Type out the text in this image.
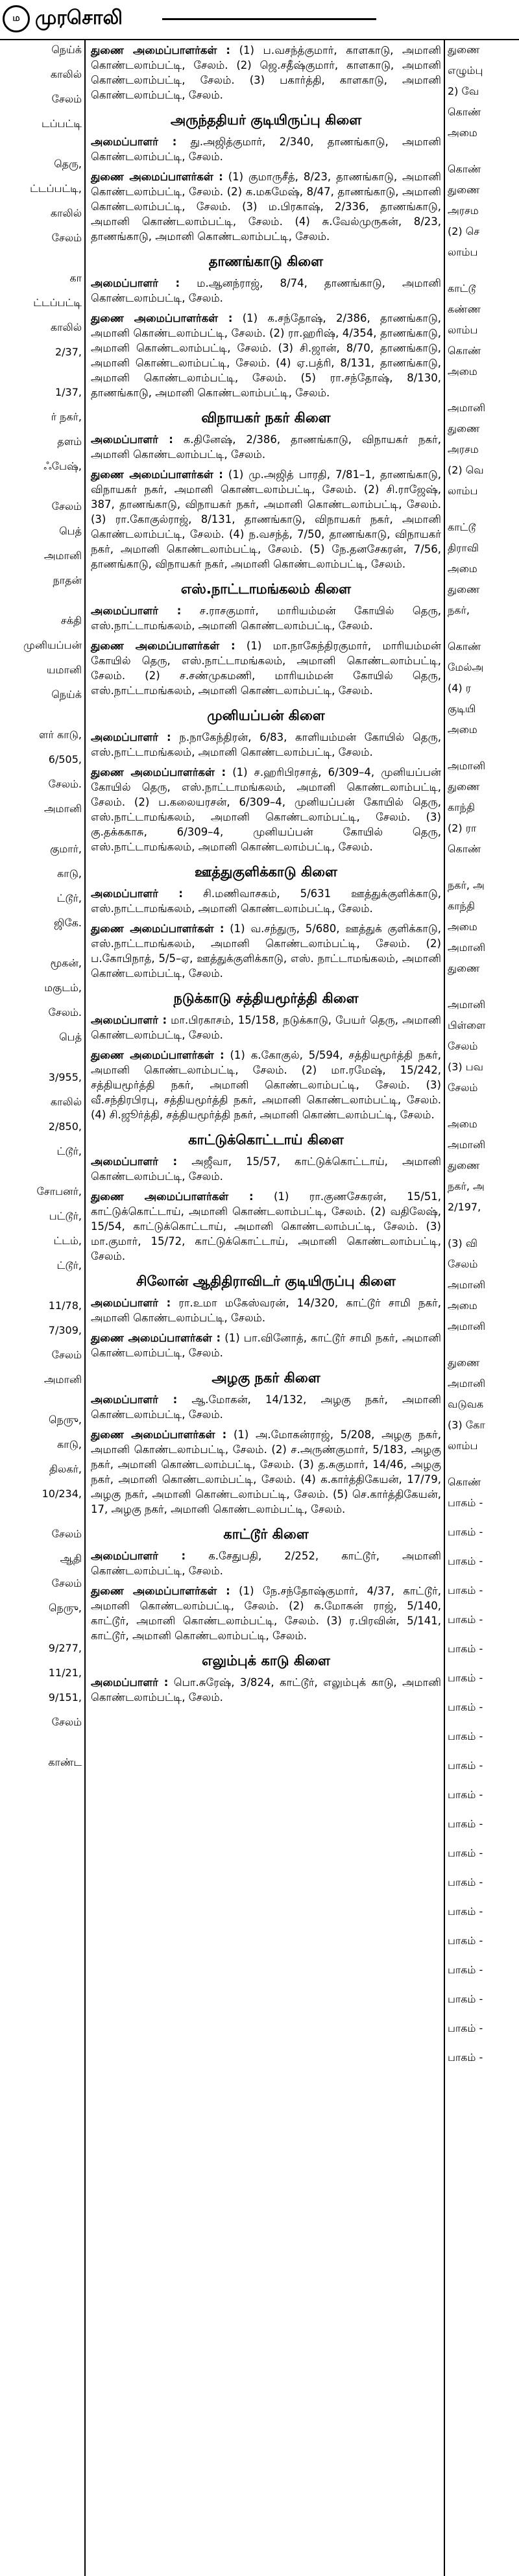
ம முரசொலி
நெய்க்
காலில்
சேலம்
டப்பட்டி
தெரு,
ட்டப்பட்டி,
காலில்
சேலம்
கா
ட்டப்பட்டி
காலில்
2/37,
1/37,
ர் நகர்,
தளம்
ஃபேஷ்,
சேலம்
பெத்
அமானி
நாதன்
சக்தி
முனியப்பன்
யமானி
நெய்க்
ளர் காடு,
6/505,
சேலம்.
அமானி
குமார்,
காடு,
ட்டூர்,
ஜிகே.
மூகன்,
மகுடம்,
சேலம்.
பெத்
3/955,
காலில்
2/850,
ட்டூர்,
சோபனர்,
பட்டூர்,
ட்டம்,
ட்டூர்,
11/78,
7/309,
சேலம்
அமானி
நெருு,
காடு,
திலகர்,
10/234,
சேலம்
ஆதி
சேலம்
நெருு,
9/277,
11/21,
9/151,
சேலம்
காண்ட

துணை அமைப்பாளர்கள் : (1) ப.வசந்த்குமார், காளகாடு, அமானி கொண்டலாம்பட்டி, சேலம். (2) ஜெ.சதீஷ்குமார், காளகாடு, அமானி கொண்டலாம்பட்டி, சேலம். (3) பகார்த்தி, காளகாடு, அமானி கொண்டலாம்பட்டி, சேலம்.

அருந்ததியர் குடியிருப்பு கிளை

அமைப்பாளர் : து.அஜித்குமார், 2/340, தாணங்காடு, அமானி கொண்டலாம்பட்டி, சேலம்.

துணை அமைப்பாளர்கள் : (1) குமாருசீத், 8/23, தாணங்காடு, அமானி கொண்டலாம்பட்டி, சேலம். (2) க.மகமேஷ், 8/47, தாணங்காடு, அமானி கொண்டலாம்பட்டி, சேலம். (3) ம.பிரகாஷ், 2/336, தாணங்காடு, அமானி கொண்டலாம்பட்டி, சேலம். (4) சு.வேல்முருகன், 8/23, தாணங்காடு, அமானி கொண்டலாம்பட்டி, சேலம்.

தாணங்காடு கிளை

அமைப்பாளர் : ம.ஆனந்ராஜ், 8/74, தாணங்காடு, அமானி கொண்டலாம்பட்டி, சேலம்.

துணை அமைப்பாளர்கள் : (1) க.சந்தோஷ், 2/386, தாணங்காடு, அமானி கொண்டலாம்பட்டி, சேலம். (2) ரா.ஹரிஷ், 4/354, தாணங்காடு, அமானி கொண்டலாம்பட்டி, சேலம். (3) சி.ஜான், 8/70, தாணங்காடு, அமானி கொண்டலாம்பட்டி, சேலம். (4) ஏ.பத்ரி, 8/131, தாணங்காடு, அமானி கொண்டலாம்பட்டி, சேலம். (5) ரா.சந்தோஷ், 8/130, தாணங்காடு, அமானி கொண்டலாம்பட்டி, சேலம்.

விநாயகர் நகர் கிளை

அமைப்பாளர் : க.தினேஷ், 2/386, தாணங்காடு, விநாயகர் நகர், அமானி கொண்டலாம்பட்டி, சேலம்.

துணை அமைப்பாளர்கள் : (1) மு.அஜித் பாரதி, 7/81–1, தாணங்காடு, விநாயகர் நகர், அமானி கொண்டலாம்பட்டி, சேலம். (2) சி.ராஜேஷ், 387, தாணங்காடு, விநாயகர் நகர், அமானி கொண்டலாம்பட்டி, சேலம். (3) ரா.கோகுல்ராஜ், 8/131, தாணங்காடு, விநாயகர் நகர், அமானி கொண்டலாம்பட்டி, சேலம். (4) ந.வசந்த், 7/50, தாணங்காடு, விநாயகர் நகர், அமானி கொண்டலாம்பட்டி, சேலம். (5) நே.தனசேகரன், 7/56, தாணங்காடு, விநாயகர் நகர், அமானி கொண்டலாம்பட்டி, சேலம்.

எஸ்.நாட்டாமங்கலம் கிளை

அமைப்பாளர் : ச.ராசகுமார், மாரியம்மன் கோயில் தெரு, எஸ்.நாட்டாமங்கலம், அமானி கொண்டலாம்பட்டி, சேலம்.

துணை அமைப்பாளர்கள் : (1) மா.நாகேந்திரகுமார், மாரியம்மன் கோயில் தெரு, எஸ்.நாட்டாமங்கலம், அமானி கொண்டலாம்பட்டி, சேலம். (2) ச.சண்முகமணி, மாரியம்மன் கோயில் தெரு, எஸ்.நாட்டாமங்கலம், அமானி கொண்டலாம்பட்டி, சேலம்.

முனியப்பன் கிளை

அமைப்பாளர் : ந.நாகேந்திரன், 6/83, காளியம்மன் கோயில் தெரு, எஸ்.நாட்டாமங்கலம், அமானி கொண்டலாம்பட்டி, சேலம்.

துணை அமைப்பாளர்கள் : (1) ச.ஹரிபிரசாத், 6/309–4, முனியப்பன் கோயில் தெரு, எஸ்.நாட்டாமங்கலம், அமானி கொண்டலாம்பட்டி, சேலம். (2) ப.கலையரசன், 6/309–4, முனியப்பன் கோயில் தெரு, எஸ்.நாட்டாமங்கலம், அமானி கொண்டலாம்பட்டி, சேலம். (3) கு.தக்ககாசு, 6/309–4, முனியப்பன் கோயில் தெரு, எஸ்.நாட்டாமங்கலம், அமானி கொண்டலாம்பட்டி, சேலம்.

ஊத்துகுளிக்காடு கிளை

அமைப்பாளர் : சி.மணிவாசகம், 5/631 ஊத்துக்குளிக்காடு, எஸ்.நாட்டாமங்கலம், அமானி கொண்டலாம்பட்டி, சேலம்.

துணை அமைப்பாளர்கள் : (1) வ.சந்துரு, 5/680, ஊத்துக் குளிக்காடு, எஸ்.நாட்டாமங்கலம், அமானி கொண்டலாம்பட்டி, சேலம். (2) ப.கோபிநாத், 5/5–ஏ, ஊத்துக்குளிக்காடு, எஸ். நாட்டாமங்கலம், அமானி கொண்டலாம்பட்டி, சேலம்.

நடுக்காடு சத்தியமூர்த்தி கிளை

அமைப்பாளர் : மா.பிரகாசம், 15/158, நடுக்காடு, பேயர் தெரு, அமானி கொண்டலாம்பட்டி, சேலம்.

துணை அமைப்பாளர்கள் : (1) க.கோகுல், 5/594, சத்தியமூர்த்தி நகர், அமானி கொண்டலாம்பட்டி, சேலம். (2) மா.ரமேஷ், 15/242, சத்தியமூர்த்தி நகர், அமானி கொண்டலாம்பட்டி, சேலம். (3) வீ.சந்திரபிரபு, சத்தியமூர்த்தி நகர், அமானி கொண்டலாம்பட்டி, சேலம். (4) சி.ஜூர்த்தி, சத்தியமூர்த்தி நகர், அமானி கொண்டலாம்பட்டி, சேலம்.

காட்டுக்கொட்டாய் கிளை

அமைப்பாளர் : அஜீவா, 15/57, காட்டுக்கொட்டாய், அமானி கொண்டலாம்பட்டி, சேலம்.

துணை அமைப்பாளர்கள் : (1) ரா.குணசேகரன், 15/51, காட்டுக்கொட்டாய், அமானி கொண்டலாம்பட்டி, சேலம். (2) வதிலேஷ், 15/54, காட்டுக்கொட்டாய், அமானி கொண்டலாம்பட்டி, சேலம். (3) மா.குமார், 15/72, காட்டுக்கொட்டாய், அமானி கொண்டலாம்பட்டி, சேலம்.

சிலோன் ஆதிதிராவிடர் குடியிருப்பு கிளை

அமைப்பாளர் : ரா.உமா மகேஸ்வரன், 14/320, காட்டூர் சாமி நகர், அமானி கொண்டலாம்பட்டி, சேலம்.

துணை அமைப்பாளர்கள் : (1) பா.வினோத், காட்டூர் சாமி நகர், அமானி கொண்டலாம்பட்டி, சேலம்.

அழகு நகர் கிளை

அமைப்பாளர் : ஆ.மோகன், 14/132, அழகு நகர், அமானி கொண்டலாம்பட்டி, சேலம்.

துணை அமைப்பாளர்கள் : (1) அ.மோகன்ராஜ், 5/208, அழகு நகர், அமானி கொண்டலாம்பட்டி, சேலம். (2) ச.அருண்குமார், 5/183, அழகு நகர், அமானி கொண்டலாம்பட்டி, சேலம். (3) த.சுகுமார், 14/46, அழகு நகர், அமானி கொண்டலாம்பட்டி, சேலம். (4) க.கார்த்திகேயன், 17/79, அழகு நகர், அமானி கொண்டலாம்பட்டி, சேலம். (5) செ.கார்த்திகேயன், 17, அழகு நகர், அமானி கொண்டலாம்பட்டி, சேலம்.

காட்டூர் கிளை

அமைப்பாளர் : க.சேதுபதி, 2/252, காட்டூர், அமானி கொண்டலாம்பட்டி, சேலம்.

துணை அமைப்பாளர்கள் : (1) நே.சந்தோஷ்குமார், 4/37, காட்டூர், அமானி கொண்டலாம்பட்டி, சேலம். (2) க.மோகன் ராஜ், 5/140, காட்டூர், அமானி கொண்டலாம்பட்டி, சேலம். (3) ர.பிரவின், 5/141, காட்டூர், அமானி கொண்டலாம்பட்டி, சேலம்.

எலும்புக் காடு கிளை

அமைப்பாளர் : பொ.சுரேஷ், 3/824, காட்டூர், எலும்புக் காடு, அமானி கொண்டலாம்பட்டி, சேலம்.

துணை
எழும்பு
2) வே
கொண்
அமை
கொண்
துணை
அரசம
(2) செ
லாம்ப
காட்டூ
கண்ண
லாம்ப
கொண்
அமை
அமானி
துணை
அரசம
(2) வெ
லாம்ப
காட்டூ
திராவி
அமை
துணை
நகர்,
கொண்
மேல்அ
(4) ர
குடியி
அமை
அமானி
துணை
காந்தி
(2) ரா
கொண்
நகர், அ
காந்தி
அமை
அமானி
துணை
அமானி
பிள்ளை
சேலம்
(3) பவ
சேலம்
அமை
அமானி
துணை
நகர், அ
2/197,
(3) வி
சேலம்
அமானி
அமை
அமானி
துணை
அமானி
வடுவக
(3) கோ
லாம்ப
கொண்
பாகம் -
பாகம் -
பாகம் -
பாகம் -
பாகம் -
பாகம் -
பாகம் -
பாகம் -
பாகம் -
பாகம் -
பாகம் -
பாகம் -
பாகம் -
பாகம் -
பாகம் -
பாகம் -
பாகம் -
பாகம் -
பாகம் -
பாகம் -
